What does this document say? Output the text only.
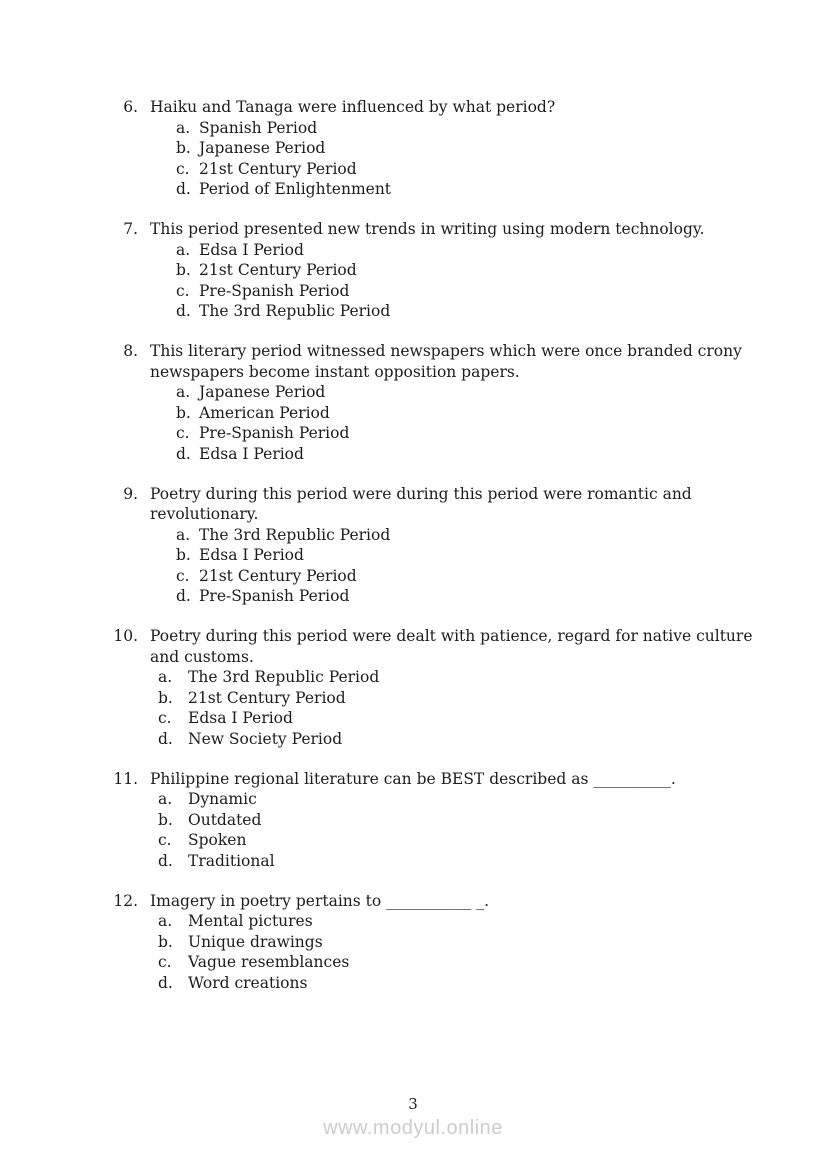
6. Haiku and Tanaga were influenced by what period?
a. Spanish Period
b. Japanese Period
c. 21st Century Period
d. Period of Enlightenment
7. This period presented new trends in writing using modern technology.
a. Edsa I Period
b. 21st Century Period
c. Pre-Spanish Period
d. The 3rd Republic Period
8. This literary period witnessed newspapers which were once branded crony
newspapers become instant opposition papers.
a. Japanese Period
b. American Period
c. Pre-Spanish Period
d. Edsa I Period
9. Poetry during this period were during this period were romantic and
revolutionary.
a. The 3rd Republic Period
b. Edsa I Period
c. 21st Century Period
d. Pre-Spanish Period
10. Poetry during this period were dealt with patience, regard for native culture
and customs.
a.	The 3rd Republic Period
b. 21st Century Period
c.	Edsa I Period
d. New Society Period
11. Philippine regional literature can be BEST described as __________.
a.	Dynamic
b. Outdated
c.	Spoken
d. Traditional
12. Imagery in poetry pertains to ___________ _.
a.	Mental pictures
b. Unique drawings
c.	Vague resemblances
d. Word creations
3
www.modyul.online
